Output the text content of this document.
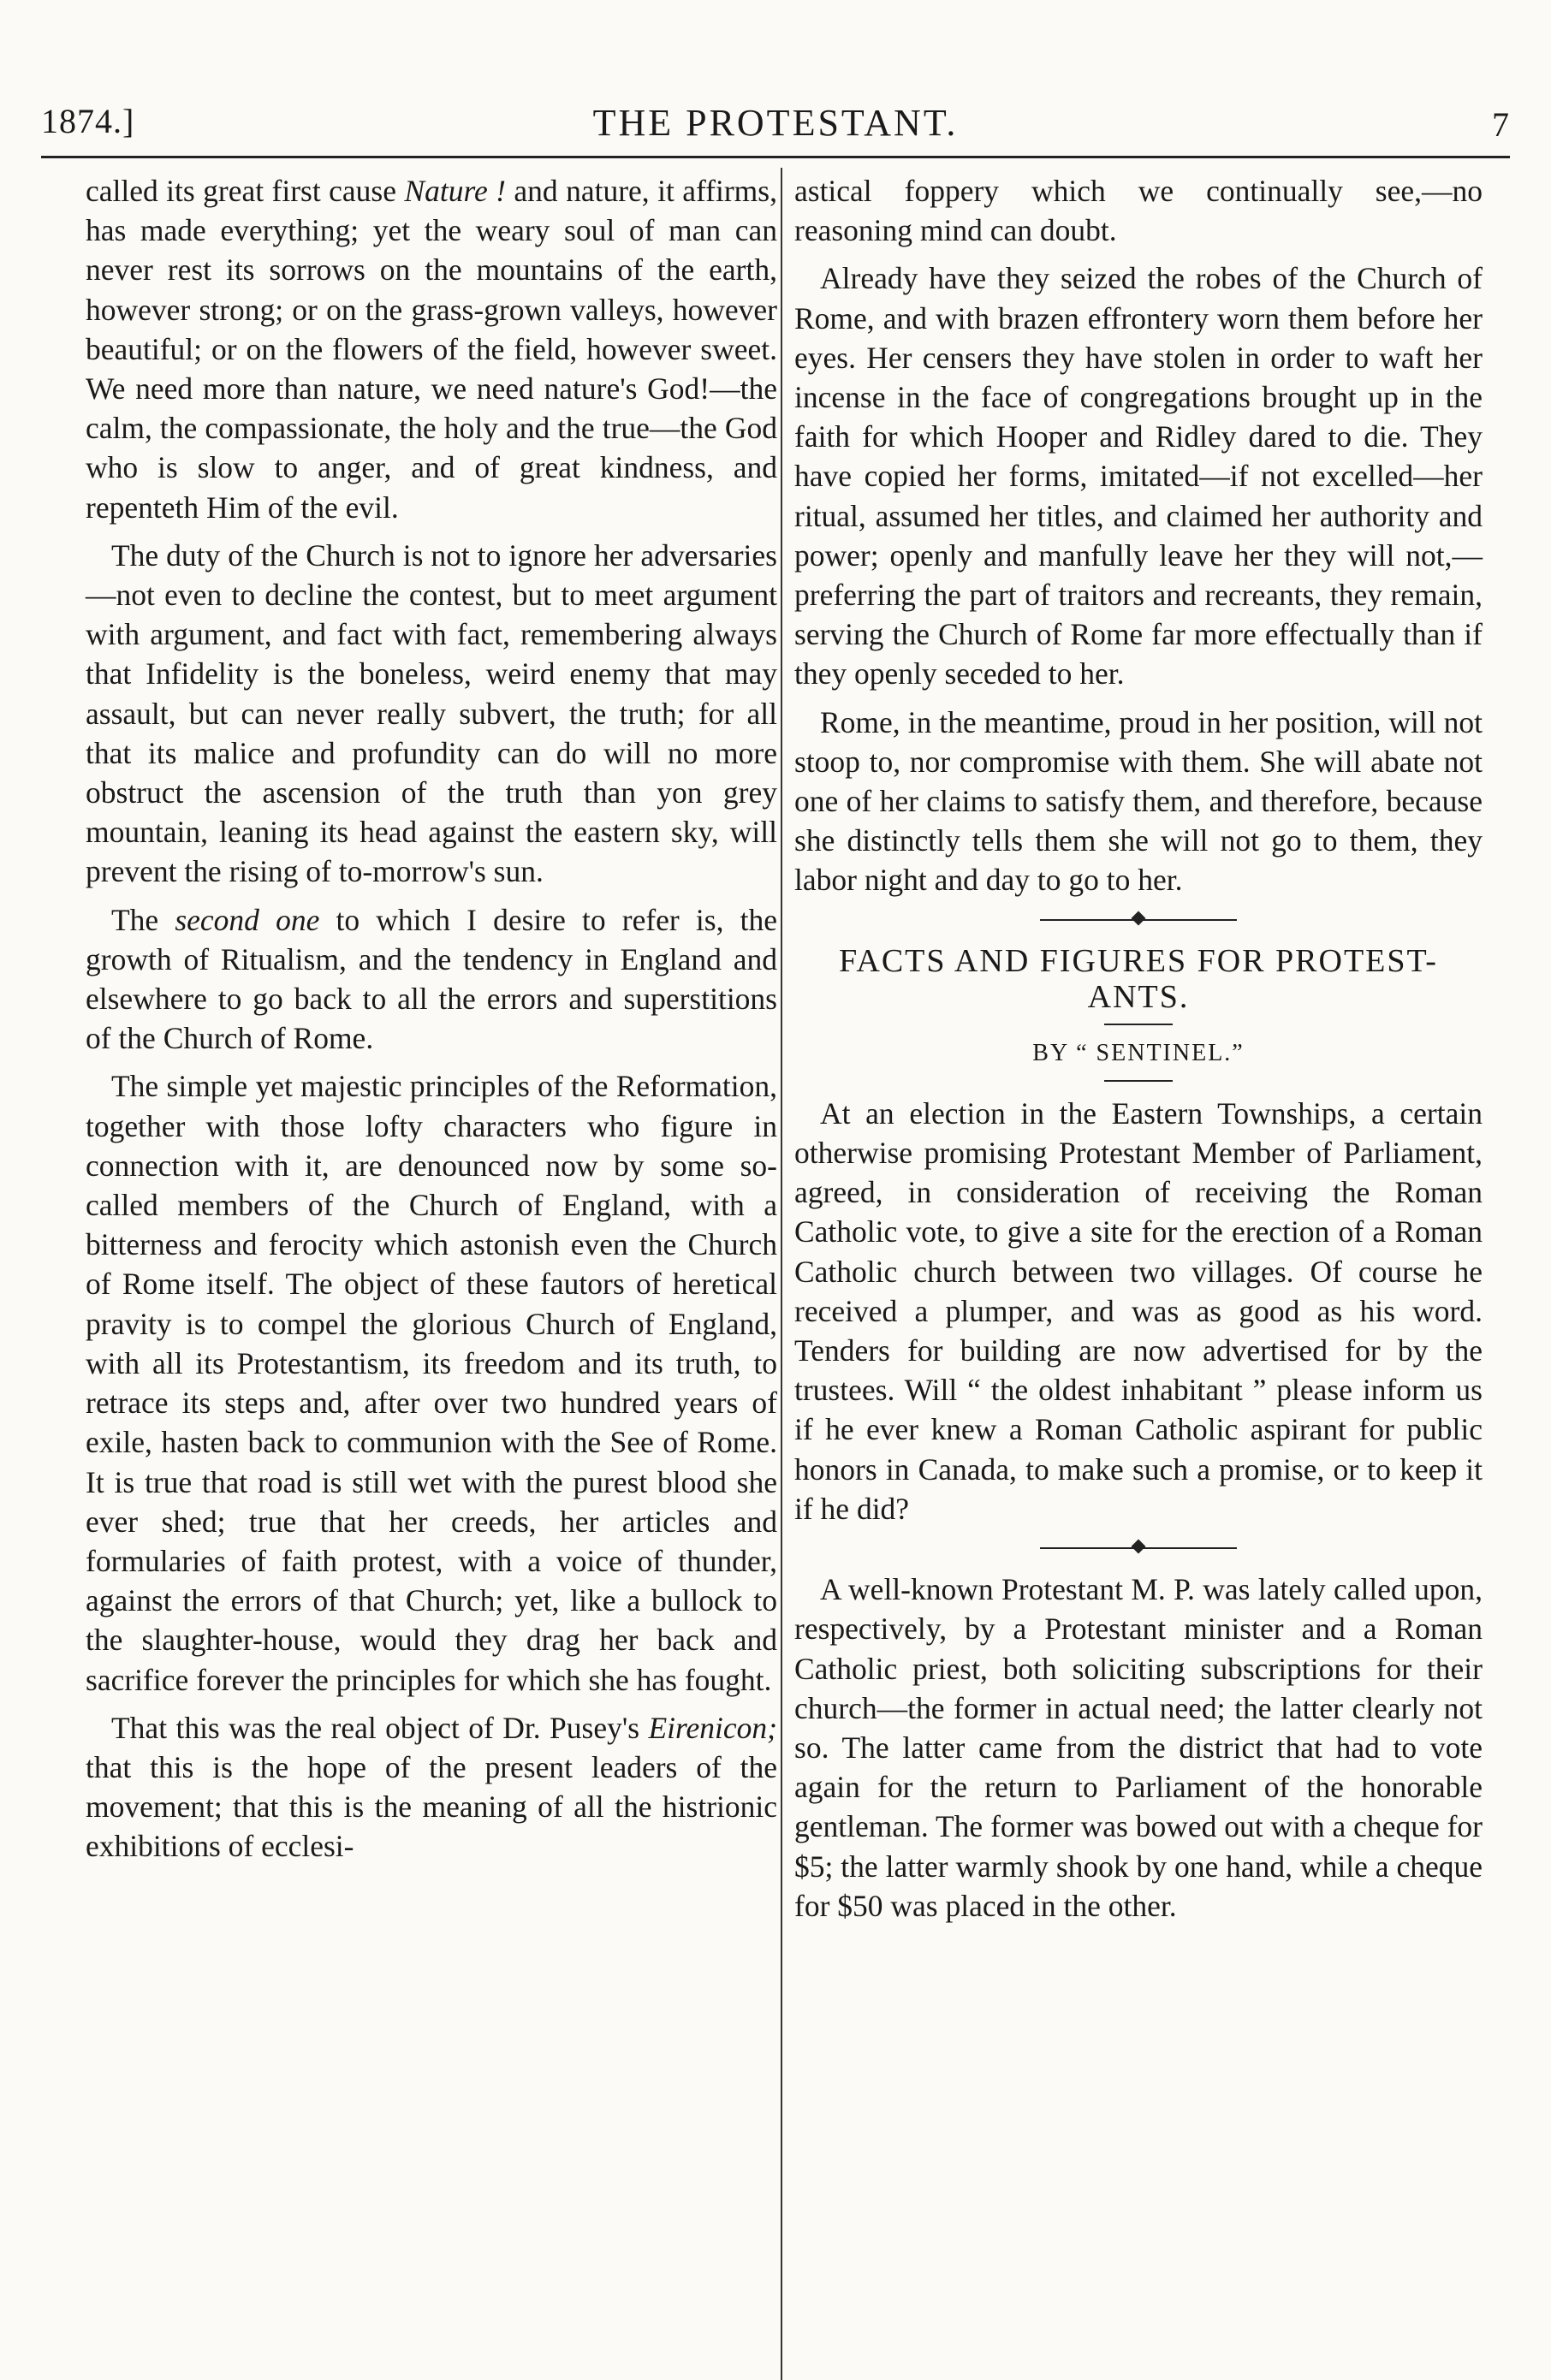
1874.]	THE PROTESTANT.	7

called its great first cause Nature ! and nature, it affirms, has made everything; yet the weary soul of man can never rest its sorrows on the mountains of the earth, however strong; or on the grass-grown valleys, however beautiful; or on the flowers of the field, however sweet. We need more than nature, we need nature's God!—the calm, the compassionate, the holy and the true—the God who is slow to anger, and of great kindness, and repenteth Him of the evil.

The duty of the Church is not to ignore her adversaries—not even to decline the contest, but to meet argument with argument, and fact with fact, remembering always that Infidelity is the boneless, weird enemy that may assault, but can never really subvert, the truth; for all that its malice and profundity can do will no more obstruct the ascension of the truth than yon grey mountain, leaning its head against the eastern sky, will prevent the rising of to-morrow's sun.

The second one to which I desire to refer is, the growth of Ritualism, and the tendency in England and elsewhere to go back to all the errors and superstitions of the Church of Rome.

The simple yet majestic principles of the Reformation, together with those lofty characters who figure in connection with it, are denounced now by some so-called members of the Church of England, with a bitterness and ferocity which astonish even the Church of Rome itself. The object of these fautors of heretical pravity is to compel the glorious Church of England, with all its Protestantism, its freedom and its truth, to retrace its steps and, after over two hundred years of exile, hasten back to communion with the See of Rome. It is true that road is still wet with the purest blood she ever shed; true that her creeds, her articles and formularies of faith protest, with a voice of thunder, against the errors of that Church; yet, like a bullock to the slaughter-house, would they drag her back and sacrifice forever the principles for which she has fought.

That this was the real object of Dr. Pusey's Eirenicon; that this is the hope of the present leaders of the movement; that this is the meaning of all the histrionic exhibitions of ecclesi-

astical foppery which we continually see,—no reasoning mind can doubt.

Already have they seized the robes of the Church of Rome, and with brazen effrontery worn them before her eyes. Her censers they have stolen in order to waft her incense in the face of congregations brought up in the faith for which Hooper and Ridley dared to die. They have copied her forms, imitated—if not excelled—her ritual, assumed her titles, and claimed her authority and power; openly and manfully leave her they will not,—preferring the part of traitors and recreants, they remain, serving the Church of Rome far more effectually than if they openly seceded to her.

Rome, in the meantime, proud in her position, will not stoop to, nor compromise with them. She will abate not one of her claims to satisfy them, and therefore, because she distinctly tells them she will not go to them, they labor night and day to go to her.

FACTS AND FIGURES FOR PROTEST-ANTS.
BY “ SENTINEL.”

At an election in the Eastern Townships, a certain otherwise promising Protestant Member of Parliament, agreed, in consideration of receiving the Roman Catholic vote, to give a site for the erection of a Roman Catholic church between two villages. Of course he received a plumper, and was as good as his word. Tenders for building are now advertised for by the trustees. Will “ the oldest inhabitant ” please inform us if he ever knew a Roman Catholic aspirant for public honors in Canada, to make such a promise, or to keep it if he did?

A well-known Protestant M. P. was lately called upon, respectively, by a Protestant minister and a Roman Catholic priest, both soliciting subscriptions for their church—the former in actual need; the latter clearly not so. The latter came from the district that had to vote again for the return to Parliament of the honorable gentleman. The former was bowed out with a cheque for $5; the latter warmly shook by one hand, while a cheque for $50 was placed in the other.
